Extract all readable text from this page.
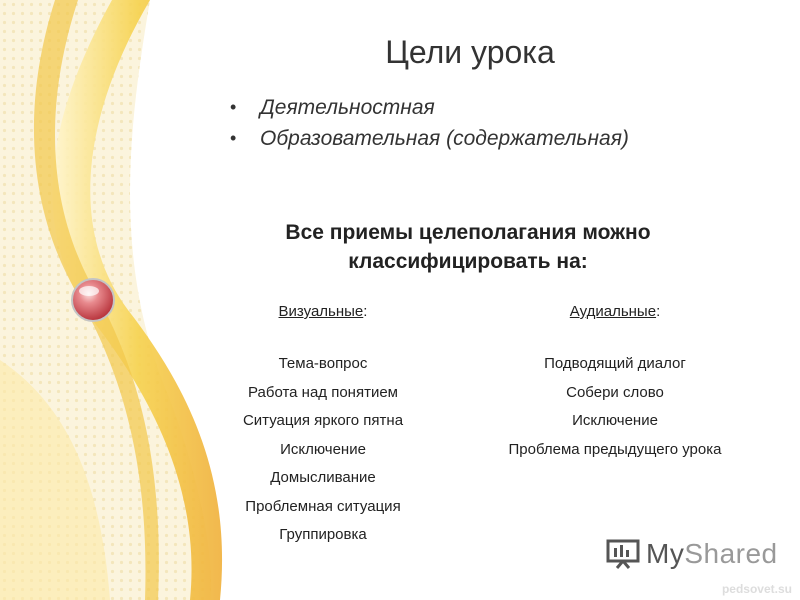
Цели урока
• Деятельностная
• Образовательная (содержательная)
Все приемы целеполагания можно
классифицировать на:
Визуальные:
Тема-вопрос
Работа над понятием
Ситуация яркого пятна
Исключение
Домысливание
Проблемная ситуация
Группировка
Аудиальные:
Подводящий диалог
Собери слово
Исключение
Проблема предыдущего урока
MyShared
pedsovet.su
